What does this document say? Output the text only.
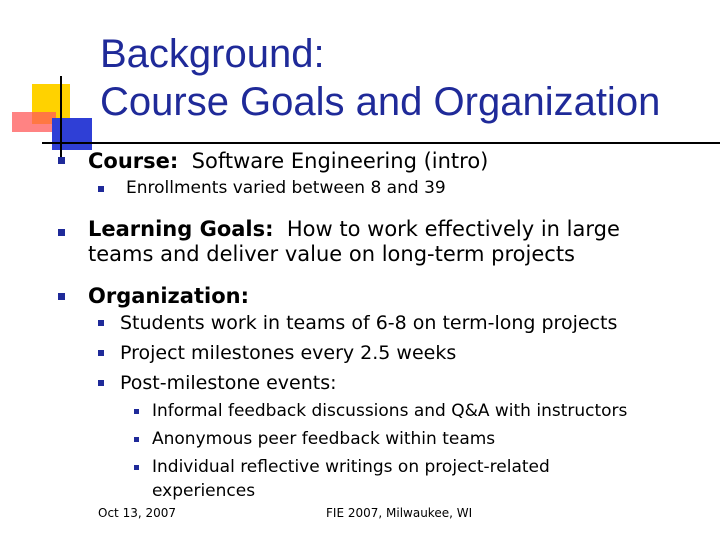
Background:
Course Goals and Organization

Course: Software Engineering (intro)

Enrollments varied between 8 and 39

Learning Goals: How to work effectively in large

teams and deliver value on long-term projects

Organization:

Students work in teams of 6-8 on term-long projects

Project milestones every 2.5 weeks

Post-milestone events:

Informal feedback discussions and Q&A with instructors

Anonymous peer feedback within teams

Individual reflective writings on project-related

experiences

Oct 13, 2007	FIE 2007, Milwaukee, WI
